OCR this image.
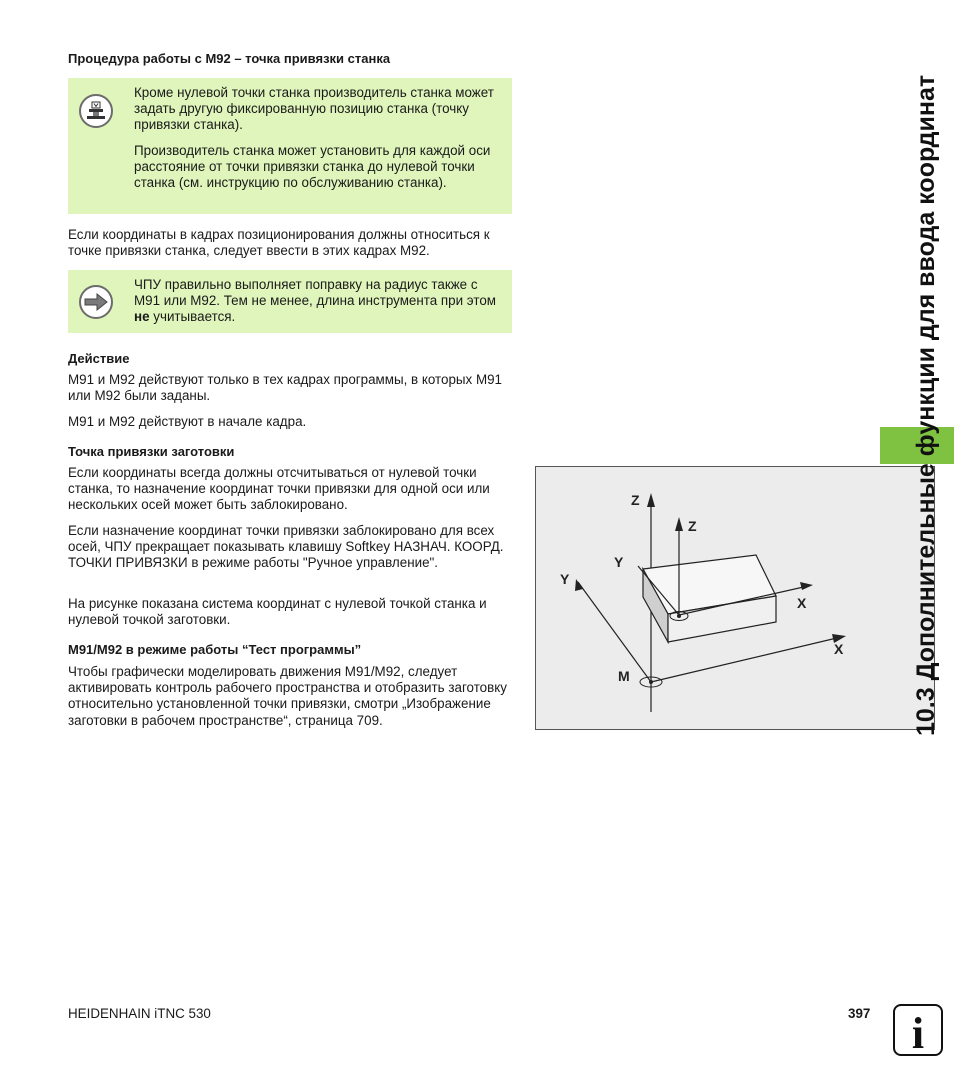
Процедура работы с M92 – точка привязки станка

Кроме нулевой точки станка производитель станка может задать другую фиксированную позицию станка (точку привязки станка).

Производитель станка может установить для каждой оси расстояние от точки привязки станка до нулевой точки станка (см. инструкцию по обслуживанию станка).

Если координаты в кадрах позиционирования должны относиться к точке привязки станка, следует ввести в этих кадрах M92.

ЧПУ правильно выполняет поправку на радиус также с M91 или M92. Тем не менее, длина инструмента при этом не учитывается.

Действие

M91 и M92 действуют только в тех кадрах программы, в которых M91 или M92 были заданы.

M91 и M92 действуют в начале кадра.

Точка привязки заготовки

Если координаты всегда должны отсчитываться от нулевой точки станка, то назначение координат точки привязки для одной оси или нескольких осей может быть заблокировано.

Если назначение координат точки привязки заблокировано для всех осей, ЧПУ прекращает показывать клавишу Softkey НАЗНАЧ. КООРД. ТОЧКИ ПРИВЯЗКИ в режиме работы "Ручное управление".

На рисунке показана система координат с нулевой точкой станка и нулевой точкой заготовки.

M91/M92 в режиме работы “Тест программы”

Чтобы графически моделировать движения M91/M92, следует активировать контроль рабочего пространства и отобразить заготовку относительно установленной точки привязки, смотри „Изображение заготовки в рабочем пространстве“, страница 709.

Z
Y
X
M
Z
Y
X	10.3 Дополнительные функции для ввода координат
HEIDENHAIN iTNC 530	397 i
